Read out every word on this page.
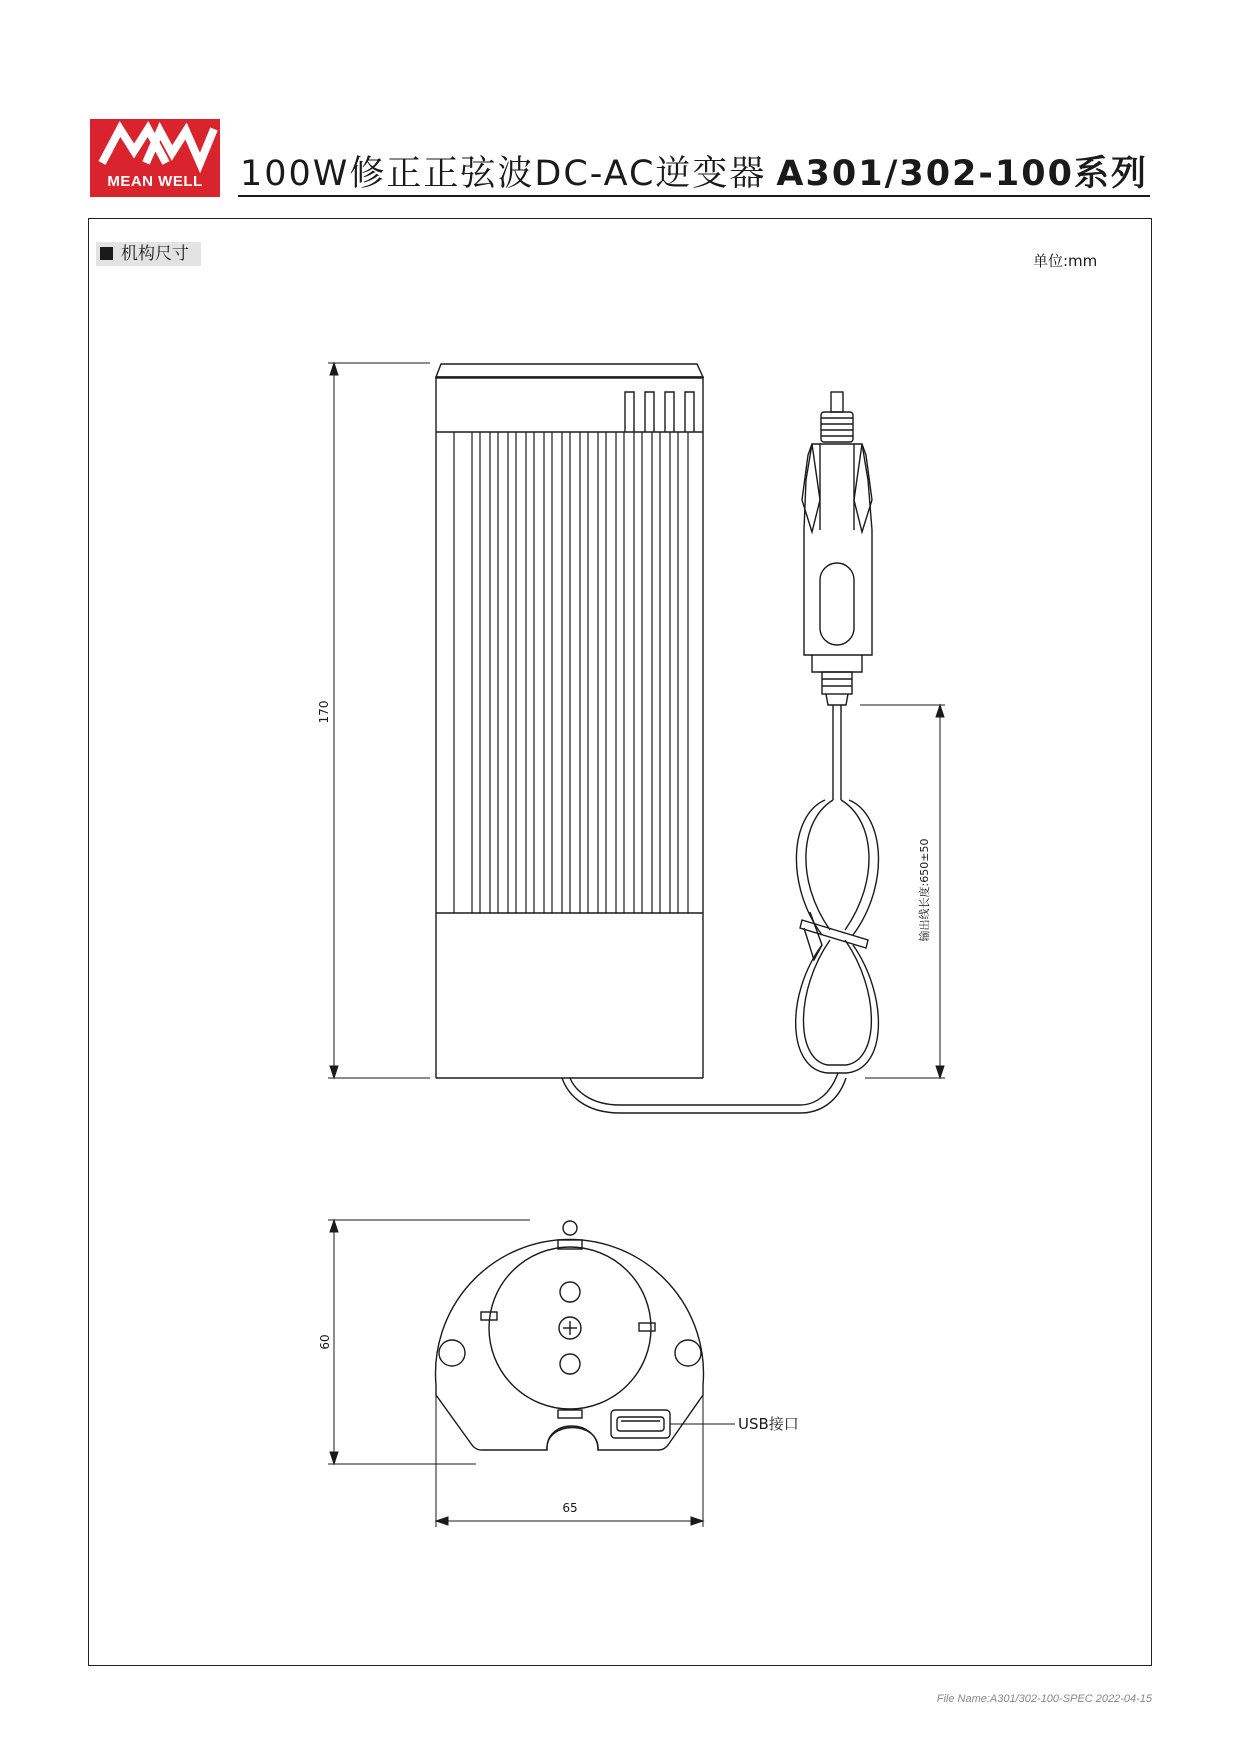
MEAN WELL	100W修正正弦波DC-AC逆变器 A301/302-100系列
机构尺寸	单位:mm
170
输出线长度:650±50
USB接口
60
65
File Name:A301/302-100-SPEC 2022-04-15
